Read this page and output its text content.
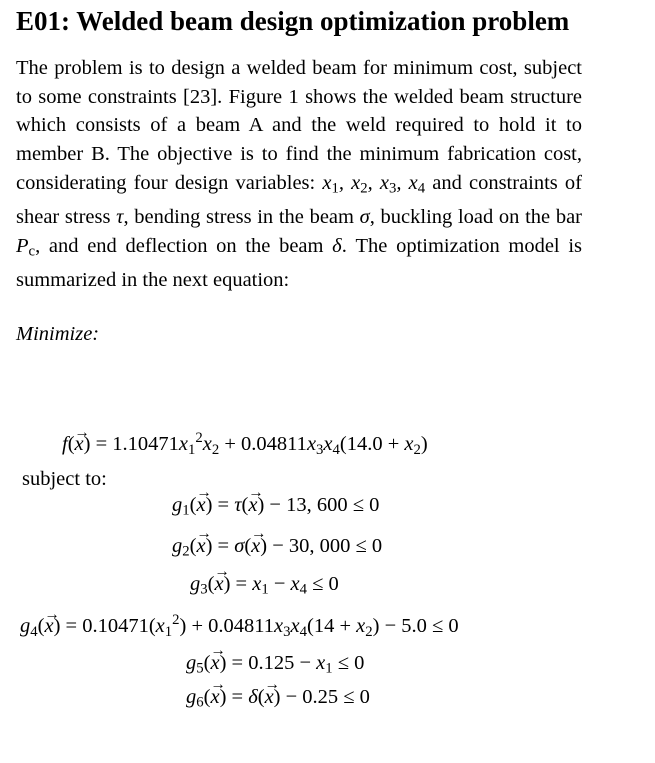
E01: Welded beam design optimization problem
The problem is to design a welded beam for minimum cost, subject to some constraints [23]. Figure 1 shows the welded beam structure which consists of a beam A and the weld required to hold it to member B. The objective is to find the minimum fabrication cost, considerating four design variables: $x_1$, $x_2$, $x_3$, $x_4$ and constraints of shear stress τ, bending stress in the beam σ, buckling load on the bar $P_c$, and end deflection on the beam δ. The optimization model is summarized in the next equation:
Minimize:
$f(\to x) = 1.10471x_1^2x_2 + 0.04811x_3x_4(14.0 + x_2)$
subject to:
$g_1(\to x) = \tau(\to x) - 13$, 600 ≤ 0
$g_2(\to x) = \sigma(\to x) - 30$, 000 ≤ 0
$g_3(\to x) = x_1 - x_4 \le 0$
$g_4(\to x) = 0.10471(x_1^2) + 0.04811x_3x_4(14 + x_2) - 5.0 \le 0$
$g_5(\to x) = 0.125 - x_1 \le 0$
$g_6(\to x) = \delta(\to x) - 0.25 \le 0$
